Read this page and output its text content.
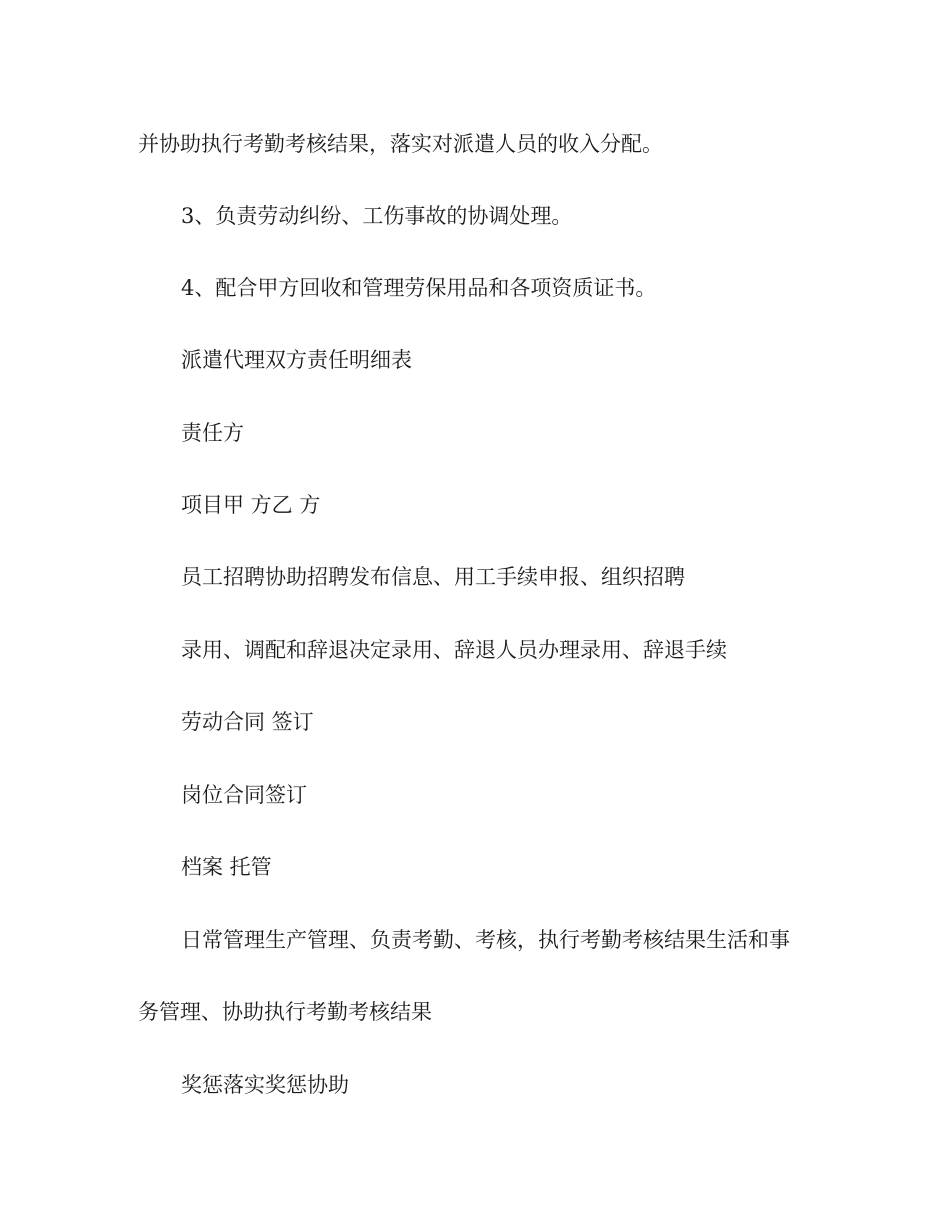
并协助执行考勤考核结果，落实对派遣人员的收入分配。
3、负责劳动纠纷、工伤事故的协调处理。
4、配合甲方回收和管理劳保用品和各项资质证书。
派遣代理双方责任明细表
责任方
项目甲 方乙 方
员工招聘协助招聘发布信息、用工手续申报、组织招聘
录用、调配和辞退决定录用、辞退人员办理录用、辞退手续
劳动合同 签订
岗位合同签订
档案 托管
日常管理生产管理、负责考勤、考核，执行考勤考核结果生活和事
务管理、协助执行考勤考核结果
奖惩落实奖惩协助
